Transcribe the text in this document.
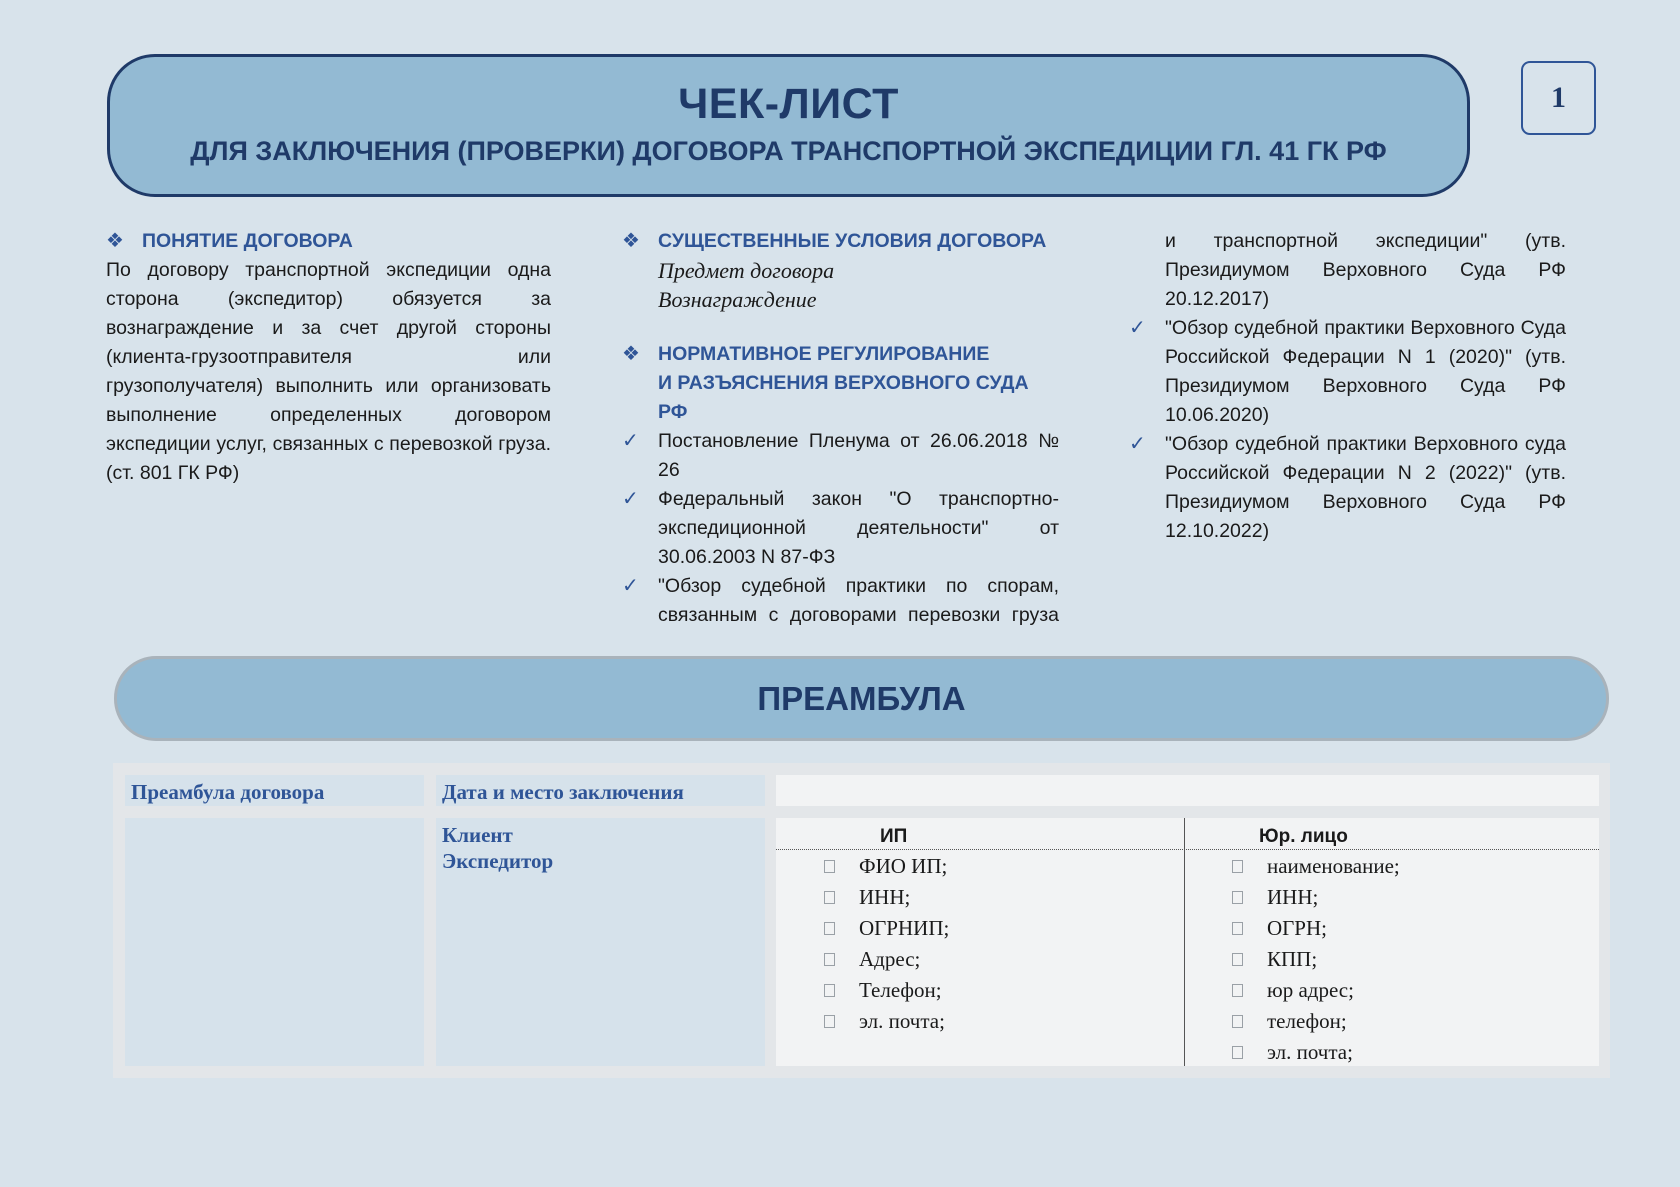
ЧЕК-ЛИСТ
ДЛЯ ЗАКЛЮЧЕНИЯ (ПРОВЕРКИ) ДОГОВОРА ТРАНСПОРТНОЙ ЭКСПЕДИЦИИ ГЛ. 41 ГК РФ
1
❖ ПОНЯТИЕ ДОГОВОРА
По договору транспортной экспедиции одна сторона (экспедитор) обязуется за вознаграждение и за счет другой стороны (клиента-грузоотправителя или грузополучателя) выполнить или организовать выполнение определенных договором экспедиции услуг, связанных с перевозкой груза. (ст. 801 ГК РФ)
❖ СУЩЕСТВЕННЫЕ УСЛОВИЯ ДОГОВОРА
Предмет договора
Вознаграждение
❖ НОРМАТИВНОЕ РЕГУЛИРОВАНИЕ
И РАЗЪЯСНЕНИЯ ВЕРХОВНОГО СУДА РФ
✓ Постановление Пленума от 26.06.2018 № 26
✓ Федеральный закон "О транспортно-экспедиционной деятельности" от 30.06.2003 N 87-ФЗ
✓ "Обзор судебной практики по спорам, связанным с договорами перевозки груза
и транспортной экспедиции" (утв. Президиумом Верховного Суда РФ 20.12.2017)
✓ "Обзор судебной практики Верховного Суда Российской Федерации N 1 (2020)" (утв. Президиумом Верховного Суда РФ 10.06.2020)
✓ "Обзор судебной практики Верховного суда Российской Федерации N 2 (2022)" (утв. Президиумом Верховного Суда РФ 12.10.2022)
ПРЕАМБУЛА
Преамбула договора	Дата и место заключения
Клиент
Экспедитор
ИП	Юр. лицо
ФИО ИП;
ИНН;
ОГРНИП;
Адрес;
Телефон;
эл. почта;
наименование;
ИНН;
ОГРН;
КПП;
юр адрес;
телефон;
эл. почта;
